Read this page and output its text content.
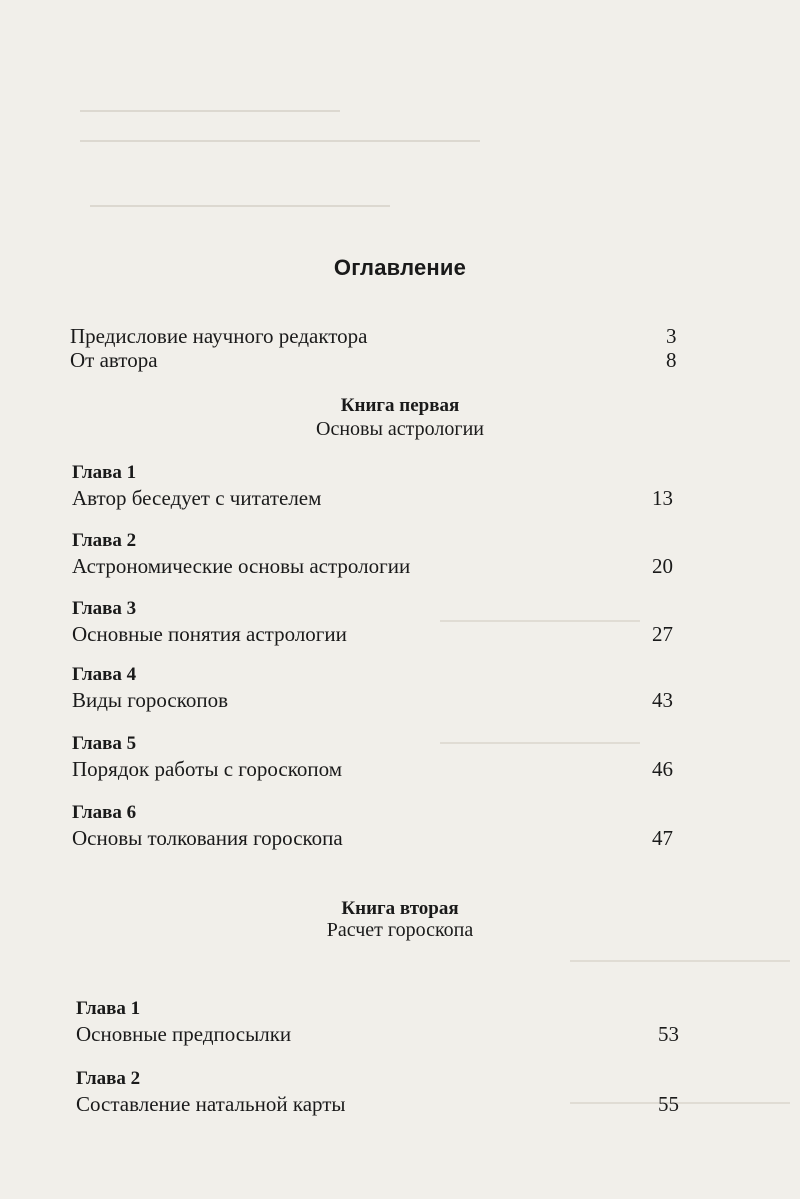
Оглавление
Предисловие научного редактора	3
От автора	8
Книга первая
Основы астрологии
Глава 1
Автор беседует с читателем	13
Глава 2
Астрономические основы астрологии	20
Глава 3
Основные понятия астрологии	27
Глава 4
Виды гороскопов	43
Глава 5
Порядок работы с гороскопом	46
Глава 6
Основы толкования гороскопа	47
Книга вторая
Расчет гороскопа
Глава 1
Основные предпосылки	53
Глава 2
Составление натальной карты	55
